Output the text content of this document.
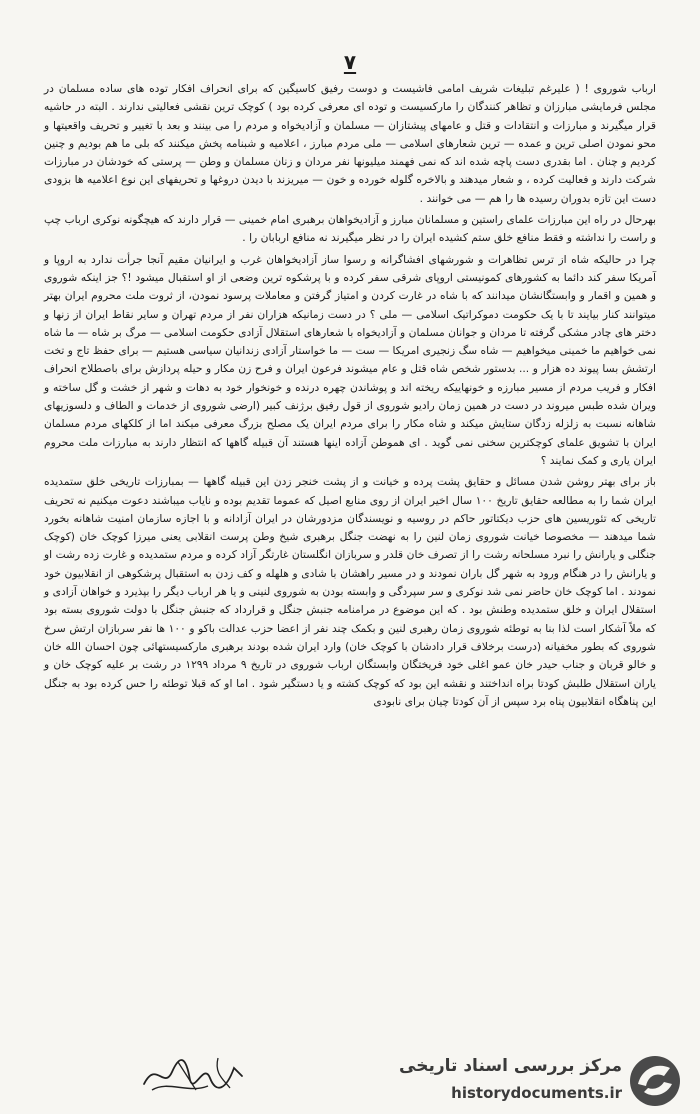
۷

ارباب شوروی ! ( علیرغم تبلیغات شریف امامی فاشیست و دوست رفیق کاسیگین که برای انحراف افکار توده های ساده مسلمان در مجلس فرمایشی مبارزان و تظاهر کنندگان را مارکسیست و توده ای معرفی کرده بود ) کوچک ترین نقشی فعالیتی ندارند . البته در حاشیه قرار میگیرند و مبارزات و انتقادات و قتل و عامهای پیشتازان — مسلمان و آزادیخواه و مردم را می بینند و بعد با تغییر و تحریف واقعیتها و محو نمودن اصلی ترین و عمده — ترین شعارهای اسلامی — ملی مردم مبارز ، اعلامیه و شبنامه پخش میکنند که بلی ما هم بودیم و چنین کردیم و چنان . اما بقدری دست پاچه شده اند که نمی فهمند میلیونها نفر مردان و زنان مسلمان و وطن — پرستی که خودشان در مبارزات شرکت دارند و فعالیت کرده ، و شعار میدهند و بالاخره گلوله خورده و خون — میریزند با دیدن دروغها و تحریفهای این نوع اعلامیه ها بزودی دست این تازه بدوران رسیده ها را هم — می خوانند .

بهرحال در راه این مبارزات علمای راستین و مسلمانان مبارز و آزادیخواهان برهبری امام خمینی — قرار دارند که هیچگونه نوکری ارباب چپ و راست را نداشته و فقط منافع خلق ستم کشیده ایران را در نظر میگیرند نه منافع اربابان را .

چرا در حالیکه شاه از ترس تظاهرات و شورشهای افشاگرانه و رسوا ساز آزادیخواهان غرب و ایرانیان مقیم آنجا جرأت ندارد به اروپا و آمریکا سفر کند دائما به کشورهای کمونیستی اروپای شرقی سفر کرده و با پرشکوه ترین وضعی از او استقبال میشود !؟ جز اینکه شوروی و همین و اقمار و وابستگانشان میدانند که با شاه در غارت کردن و امتیاز گرفتن و معاملات پرسود نمودن، از ثروت ملت محروم ایران بهتر میتوانند کنار بیایند تا با یک حکومت دموکراتیک اسلامی — ملی ؟ در دست زمانیکه هزاران نفر از مردم تهران و سایر نقاط ایران از زنها و دختر های چادر مشکی گرفته تا مردان و جوانان مسلمان و آزادیخواه با شعارهای استقلال آزادی حکومت اسلامی — مرگ بر شاه — ما شاه نمی خواهیم ما خمینی میخواهیم — شاه سگ زنجیری امریکا — ست — ما خواستار آزادی زندانیان سیاسی هستیم — برای حفظ تاج و تخت ارتشش بسا پیوند ده هزار و ... بدستور شخص شاه قتل و عام میشوند فرعون ایران و فرح زن مکار و حیله پردازش برای باصطلاح انحراف افکار و فریب مردم از مسیر مبارزه و خونهاییکه ریخته اند و پوشاندن چهره درنده و خونخوار خود به دهات و شهر از خشت و گل ساخته و ویران شده طبس میروند در دست در همین زمان رادیو شوروی از قول رفیق برژنف کبیر (ارضی شوروی از خدمات و الطاف و دلسوزیهای شاهانه نسبت به زلزله زدگان ستایش میکند و شاه مکار را برای مردم ایران یک مصلح بزرگ معرفی میکند اما از کلکهای مردم مسلمان ایران با تشویق علمای کوچکترین سخنی نمی گوید . ای هموطن آزاده اینها هستند آن قبیله گاهها که انتظار دارند به مبارزات ملت محروم ایران یاری و کمک نمایند ؟

باز برای بهتر روشن شدن مسائل و حقایق پشت پرده و خیانت و از پشت خنجر زدن این قبیله گاهها — بمبارزات تاریخی خلق ستمدیده ایران شما را به مطالعه حقایق تاریخ ۱۰۰ سال اخیر ایران از روی منابع اصیل که عموما تقدیم بوده و نایاب میباشند دعوت میکنیم نه تحریف تاریخی که تئوریسین های حزب دیکتاتور حاکم در روسیه و نویسندگان مزدورشان در ایران آزادانه و با اجازه سازمان امنیت شاهانه بخورد شما میدهند — مخصوصا خیانت شوروی زمان لنین را به نهضت جنگل برهبری شیخ وطن پرست انقلابی یعنی میرزا کوچک خان (کوچک جنگلی و یارانش را نبرد مسلحانه رشت را از تصرف خان قلدر و سربازان انگلستان غارتگر آزاد کرده و مردم ستمدیده و غارت زده رشت او و یارانش را در هنگام ورود به شهر گل باران نمودند و در مسیر راهشان با شادی و هلهله و کف زدن به استقبال پرشکوهی از انقلابیون خود نمودند . اما کوچک خان حاضر نمی شد نوکری و سر سپردگی و وابسته بودن به شوروی لنینی و یا هر ارباب دیگر را بپذیرد و خواهان آزادی و استقلال ایران و خلق ستمدیده وطنش بود . که این موضوع در مرامنامه جنبش جنگل و قرارداد که جنبش جنگل با دولت شوروی بسته بود که ملاً آشکار است لذا بنا به توطئه شوروی زمان رهبری لنین و بکمک چند نفر از اعضا حزب عدالت باکو و ۱۰۰ ها نفر سربازان ارتش سرخ شوروی که بطور مخفیانه (درست برخلاف قرار دادشان با کوچک خان) وارد ایران شده بودند برهبری مارکسیستهائی چون احسان الله خان و خالو قربان و جناب حیدر خان عمو اغلی خود فریختگان وابستگان ارباب شوروی در تاریخ ۹ مرداد ۱۲۹۹ در رشت بر علیه کوچک خان و یاران استقلال طلبش کودتا براه انداختند و نقشه این بود که کوچک کشته و یا دستگیر شود . اما او که قبلا توطئه را حس کرده بود به جنگل این پناهگاه انقلابیون پناه برد سپس از آن کودتا چیان برای نابودی

مرکز بررسی اسناد تاریخی
historydocuments.ir
